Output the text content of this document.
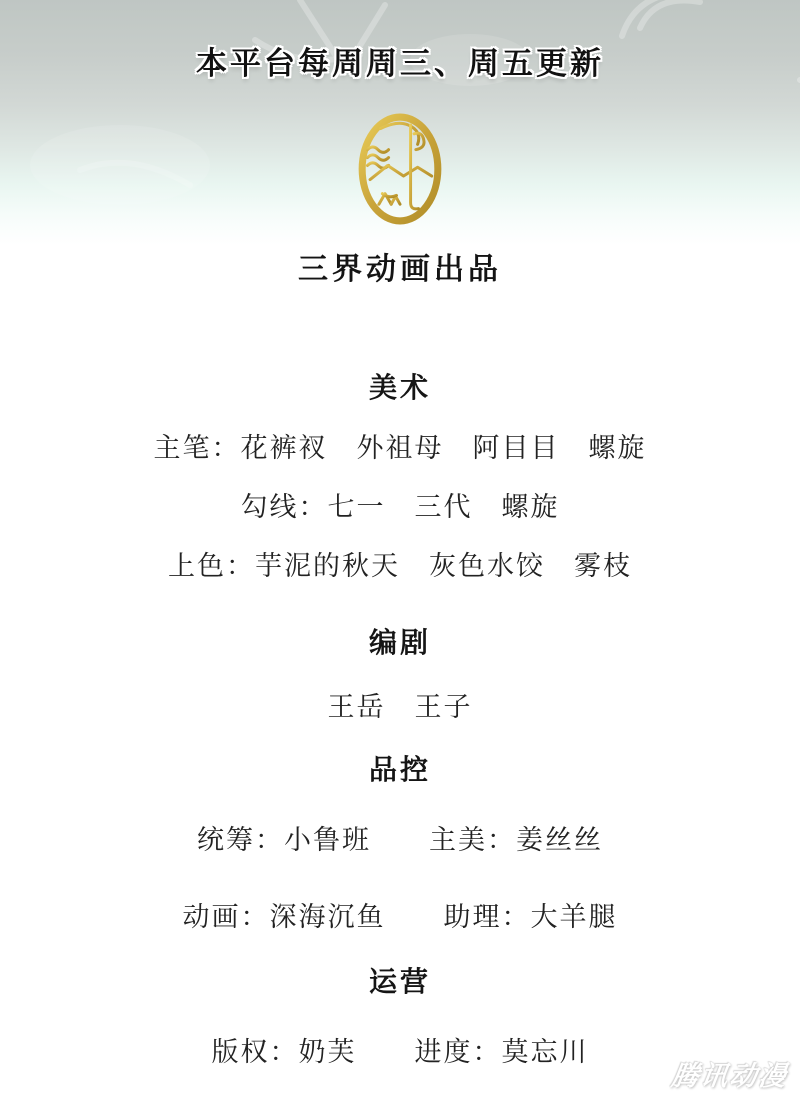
本平台每周周三、周五更新
三界动画出品
美术

主笔：花裤衩　外祖母　阿目目　螺旋

勾线：七一　三代　螺旋

上色：芋泥的秋天　灰色水饺　雾枝

编剧

王岳　王子

品控

统筹：小鲁班　　主美：姜丝丝

动画：深海沉鱼　　助理：大羊腿

运营

版权：奶芙　　进度：莫忘川

腾讯动漫
